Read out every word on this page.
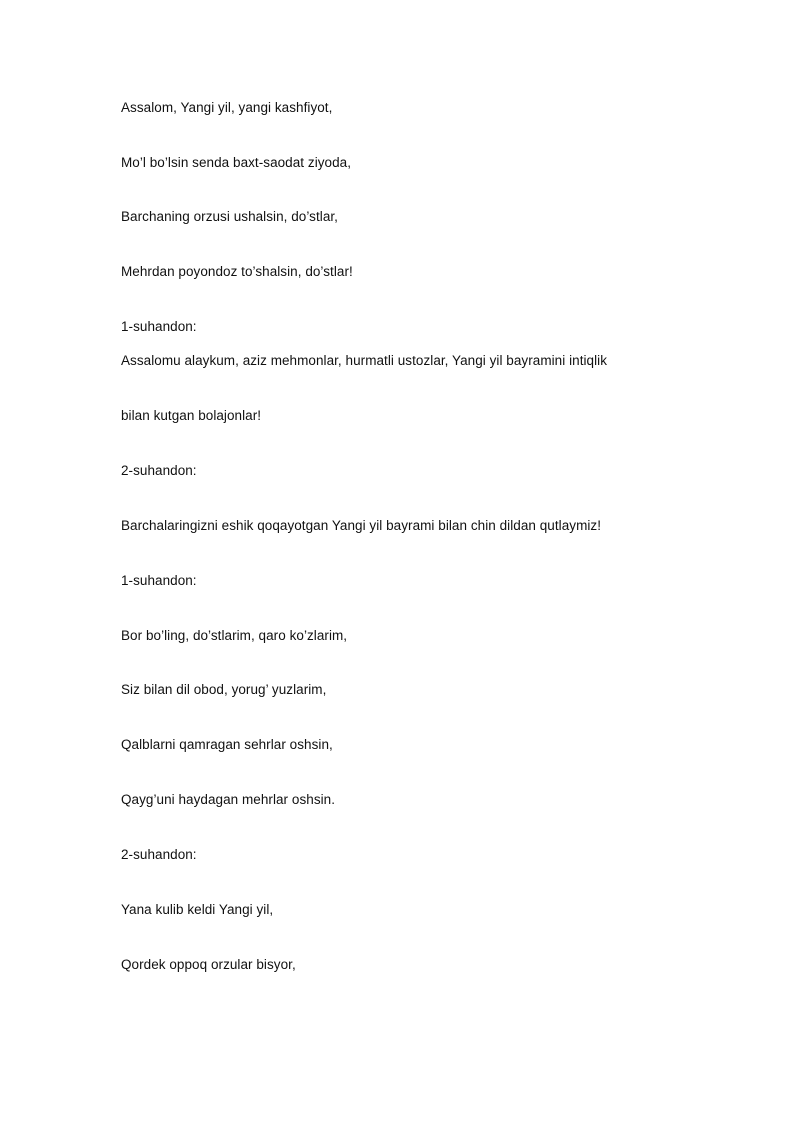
Assalom, Yangi yil, yangi kashfiyot,
Mo’l bo’lsin senda baxt-saodat ziyoda,
Barchaning orzusi ushalsin, do’stlar,
Mehrdan poyondoz to’shalsin, do’stlar!
1-suhandon:
Assalomu alaykum, aziz mehmonlar, hurmatli ustozlar, Yangi yil bayramini intiqlik
bilan kutgan bolajonlar!
2-suhandon:
Barchalaringizni eshik qoqayotgan Yangi yil bayrami bilan chin dildan qutlaymiz!
1-suhandon:
Bor bo’ling, do’stlarim, qaro ko’zlarim,
Siz bilan dil obod, yorug’ yuzlarim,
Qalblarni qamragan sehrlar oshsin,
Qayg’uni haydagan mehrlar oshsin.
2-suhandon:
Yana kulib keldi Yangi yil,
Qordek oppoq orzular bisyor,
